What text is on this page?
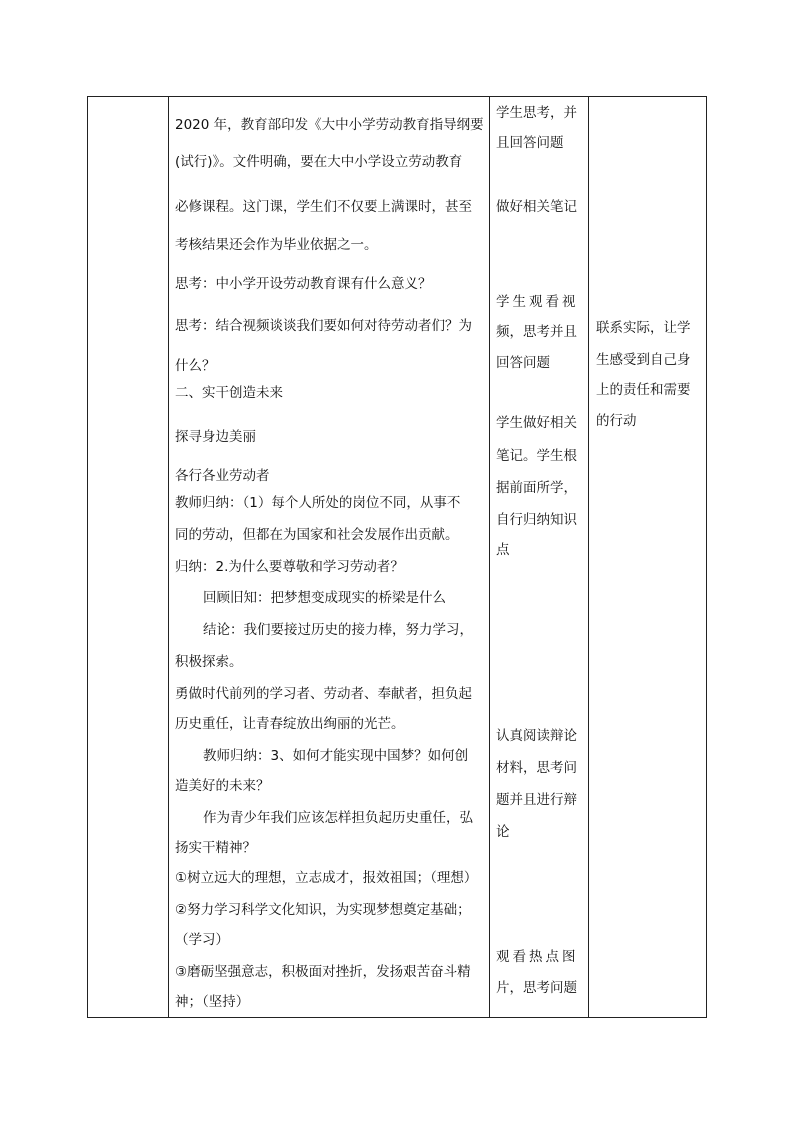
2020 年，教育部印发《大中小学劳动教育指导纲要
(试行)》。文件明确，要在大中小学设立劳动教育
必修课程。这门课，学生们不仅要上满课时，甚至
考核结果还会作为毕业依据之一。
思考：中小学开设劳动教育课有什么意义？
思考：结合视频谈谈我们要如何对待劳动者们？为
什么？
二、实干创造未来
探寻身边美丽
各行各业劳动者
教师归纳：（1）每个人所处的岗位不同，从事不
同的劳动，但都在为国家和社会发展作出贡献。
归纳：2.为什么要尊敬和学习劳动者？
回顾旧知：把梦想变成现实的桥梁是什么
结论：我们要接过历史的接力棒，努力学习，
积极探索。
勇做时代前列的学习者、劳动者、奉献者，担负起
历史重任，让青春绽放出绚丽的光芒。
教师归纳：3、如何才能实现中国梦？如何创
造美好的未来？
作为青少年我们应该怎样担负起历史重任，弘
扬实干精神？
①树立远大的理想，立志成才，报效祖国；（理想）
②努力学习科学文化知识，为实现梦想奠定基础；
（学习）
③磨砺坚强意志，积极面对挫折，发扬艰苦奋斗精
神；（坚持）
学生思考，并
且回答问题
做好相关笔记
学生观看视
频，思考并且
回答问题
学生做好相关
笔记。学生根
据前面所学，
自行归纳知识
点
认真阅读辩论
材料，思考问
题并且进行辩
论
观看热点图
片，思考问题
联系实际，让学
生感受到自己身
上的责任和需要
的行动
